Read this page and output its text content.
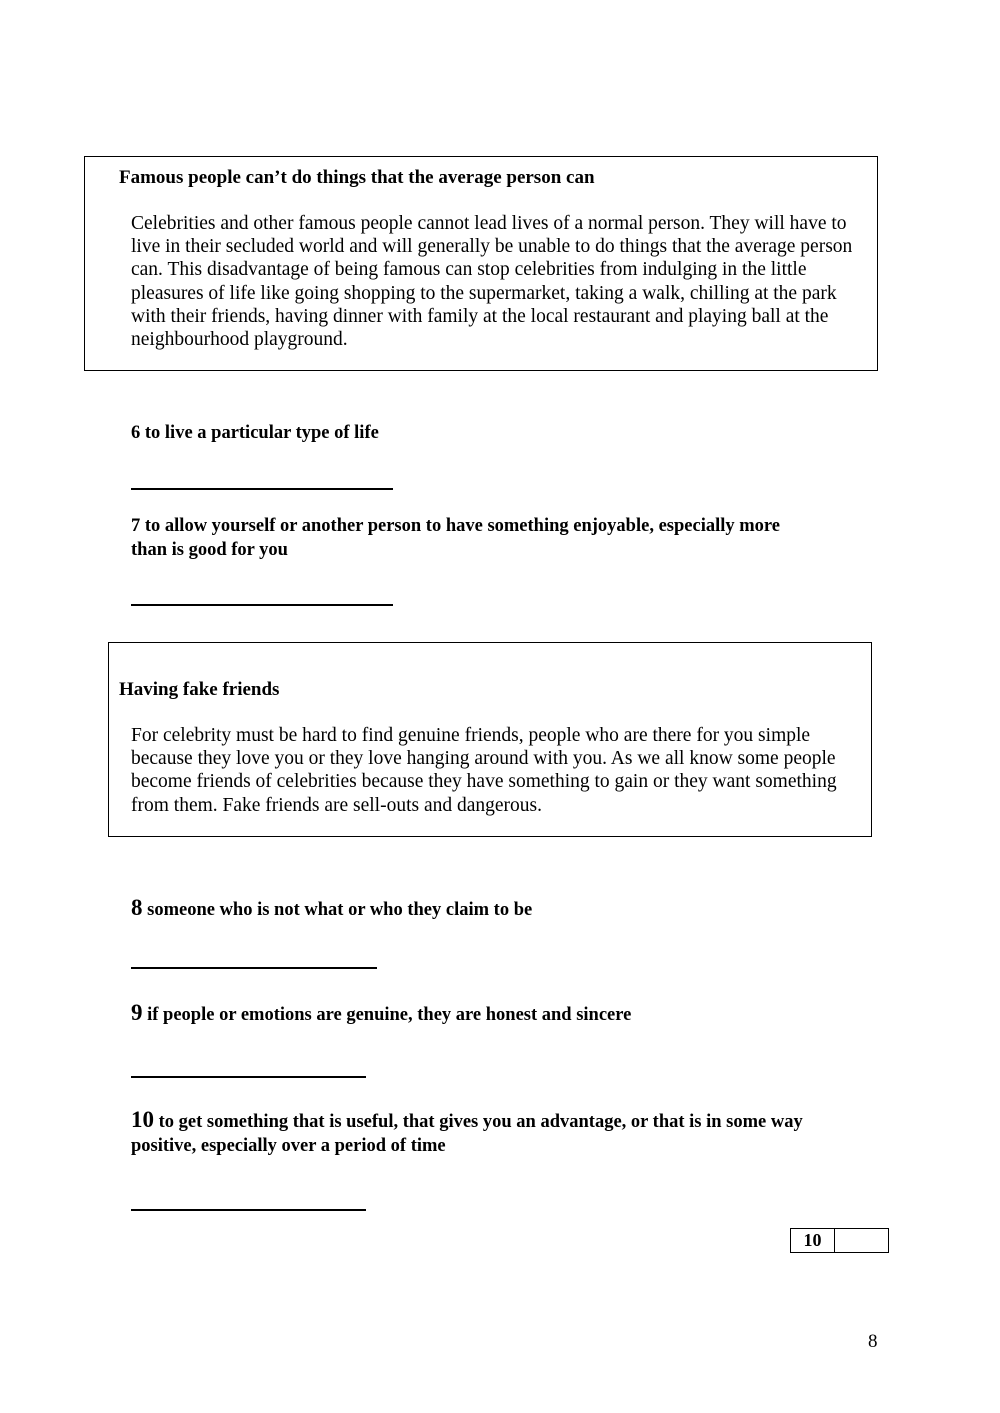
Famous people can’t do things that the average person can

Celebrities and other famous people cannot lead lives of a normal person. They will have to
live in their secluded world and will generally be unable to do things that the average person
can. This disadvantage of being famous can stop celebrities from indulging in the little
pleasures of life like going shopping to the supermarket, taking a walk, chilling at the park
with their friends, having dinner with family at the local restaurant and playing ball at the
neighbourhood playground.

6 to live a particular type of life

7 to allow yourself or another person to have something enjoyable, especially more
than is good for you

Having fake friends

For celebrity must be hard to find genuine friends, people who are there for you simple
because they love you or they love hanging around with you. As we all know some people
become friends of celebrities because they have something to gain or they want something
from them. Fake friends are sell-outs and dangerous.

8 someone who is not what or who they claim to be

9 if people or emotions are genuine, they are honest and sincere

10 to get something that is useful, that gives you an advantage, or that is in some way
positive, especially over a period of time
10
8
